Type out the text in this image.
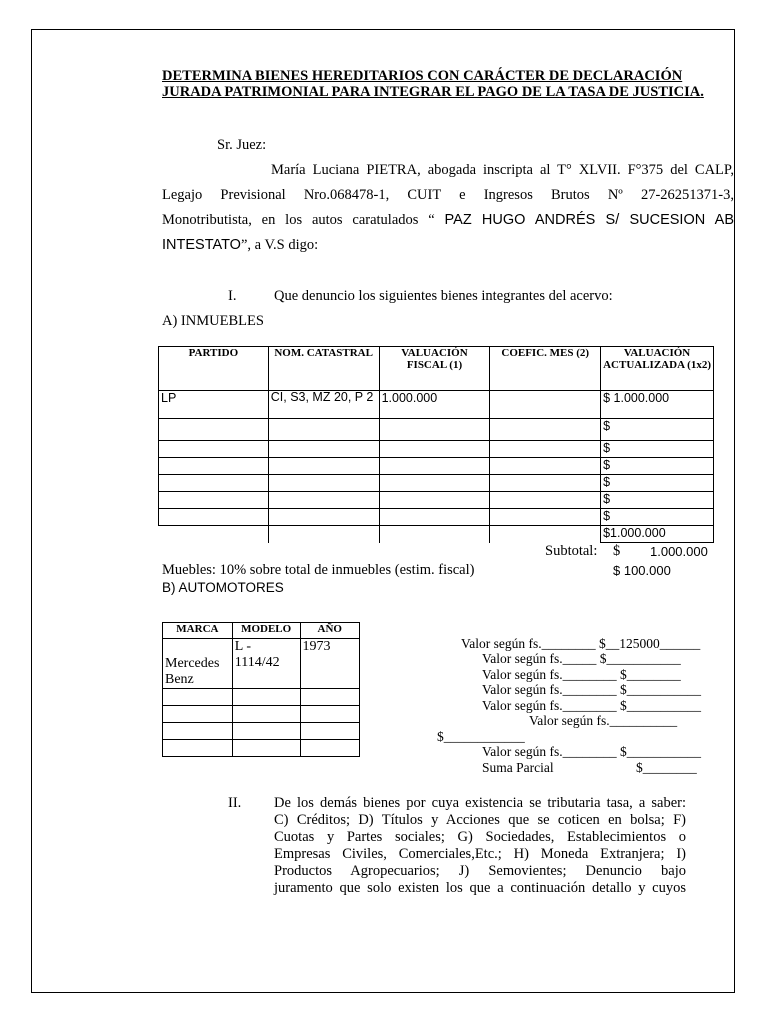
DETERMINA BIENES HEREDITARIOS CON CARÁCTER DE DECLARACIÓN JURADA PATRIMONIAL PARA INTEGRAR EL PAGO DE LA TASA DE JUSTICIA.
Sr. Juez:
María Luciana PIETRA, abogada inscripta al T° XLVII. F°375 del CALP,
Legajo Previsional Nro.068478-1, CUIT e Ingresos Brutos Nº 27-26251371-3,
Monotributista, en los autos caratulados “ PAZ HUGO ANDRÉS S/ SUCESION AB
INTESTATO”, a V.S digo:
I.	Que denuncio los siguientes bienes integrantes del acervo:
A) INMUEBLES
PARTIDO	NOM. CATASTRAL	VALUACIÓN FISCAL (1)	COEFIC. MES (2)	VALUACIÓN ACTUALIZADA (1x2)
LP	CI, S3, MZ 20, P 2	1.000.000		$ 1.000.000
				$
				$
				$
				$
				$
				$
				$1.000.000
Subtotal: $ 1.000.000
Muebles: 10% sobre total de inmuebles (estim. fiscal)	$ 100.000
B) AUTOMOTORES
MARCA	MODELO	AÑO
Mercedes Benz	L - 1114/42	1973

			Valor según fs.________ $__125000______
Valor según fs._____ $___________
Valor según fs.________ $________
Valor según fs.________ $___________
Valor según fs.________ $___________
Valor según fs.__________
$____________
Valor según fs.________ $___________
Suma Parcial	$________
II. De los demás bienes por cuya existencia se tributaria tasa, a saber:
C) Créditos; D) Títulos y Acciones que se coticen en bolsa; F)
Cuotas y Partes sociales; G) Sociedades, Establecimientos o
Empresas Civiles, Comerciales,Etc.; H) Moneda Extranjera; I)
Productos Agropecuarios; J) Semovientes; Denuncio bajo
juramento que solo existen los que a continuación detallo y cuyos
